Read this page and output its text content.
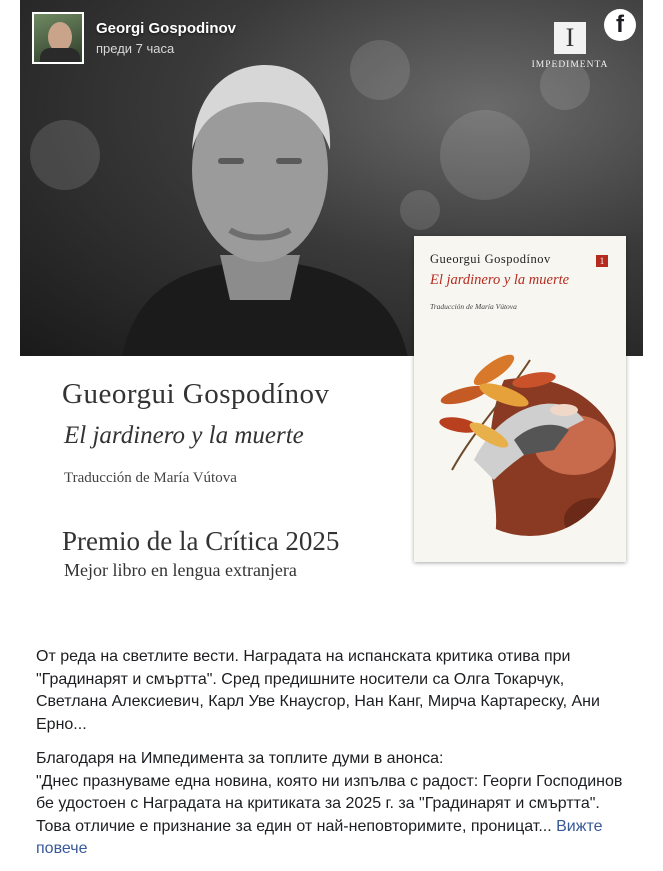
Georgi Gospodinov
преди 7 часа
f
I
IMPEDIMENTA
Gueorgui Gospodínov
El jardinero y la muerte
Traducción de María Vútova
Premio de la Crítica 2025
Mejor libro en lengua extranjera
Gueorgui Gospodínov	1
El jardinero y la muerte
Traducción de María Vútova

От реда на светлите вести. Наградата на испанската критика отива при "Градинарят и смъртта". Сред предишните носители са Олга Токарчук, Светлана Алексиевич, Карл Уве Кнаусгор, Нан Канг, Мирча Картареску, Ани Ерно...

Благодаря на Импедимента за топлите думи в анонса:
"Днес празнуваме една новина, която ни изпълва с радост: Георги Господинов бе удостоен с Наградата на критиката за 2025 г. за "Градинарят и смъртта". Това отличие е признание за един от най-неповторимите, проницат... Вижте повече
